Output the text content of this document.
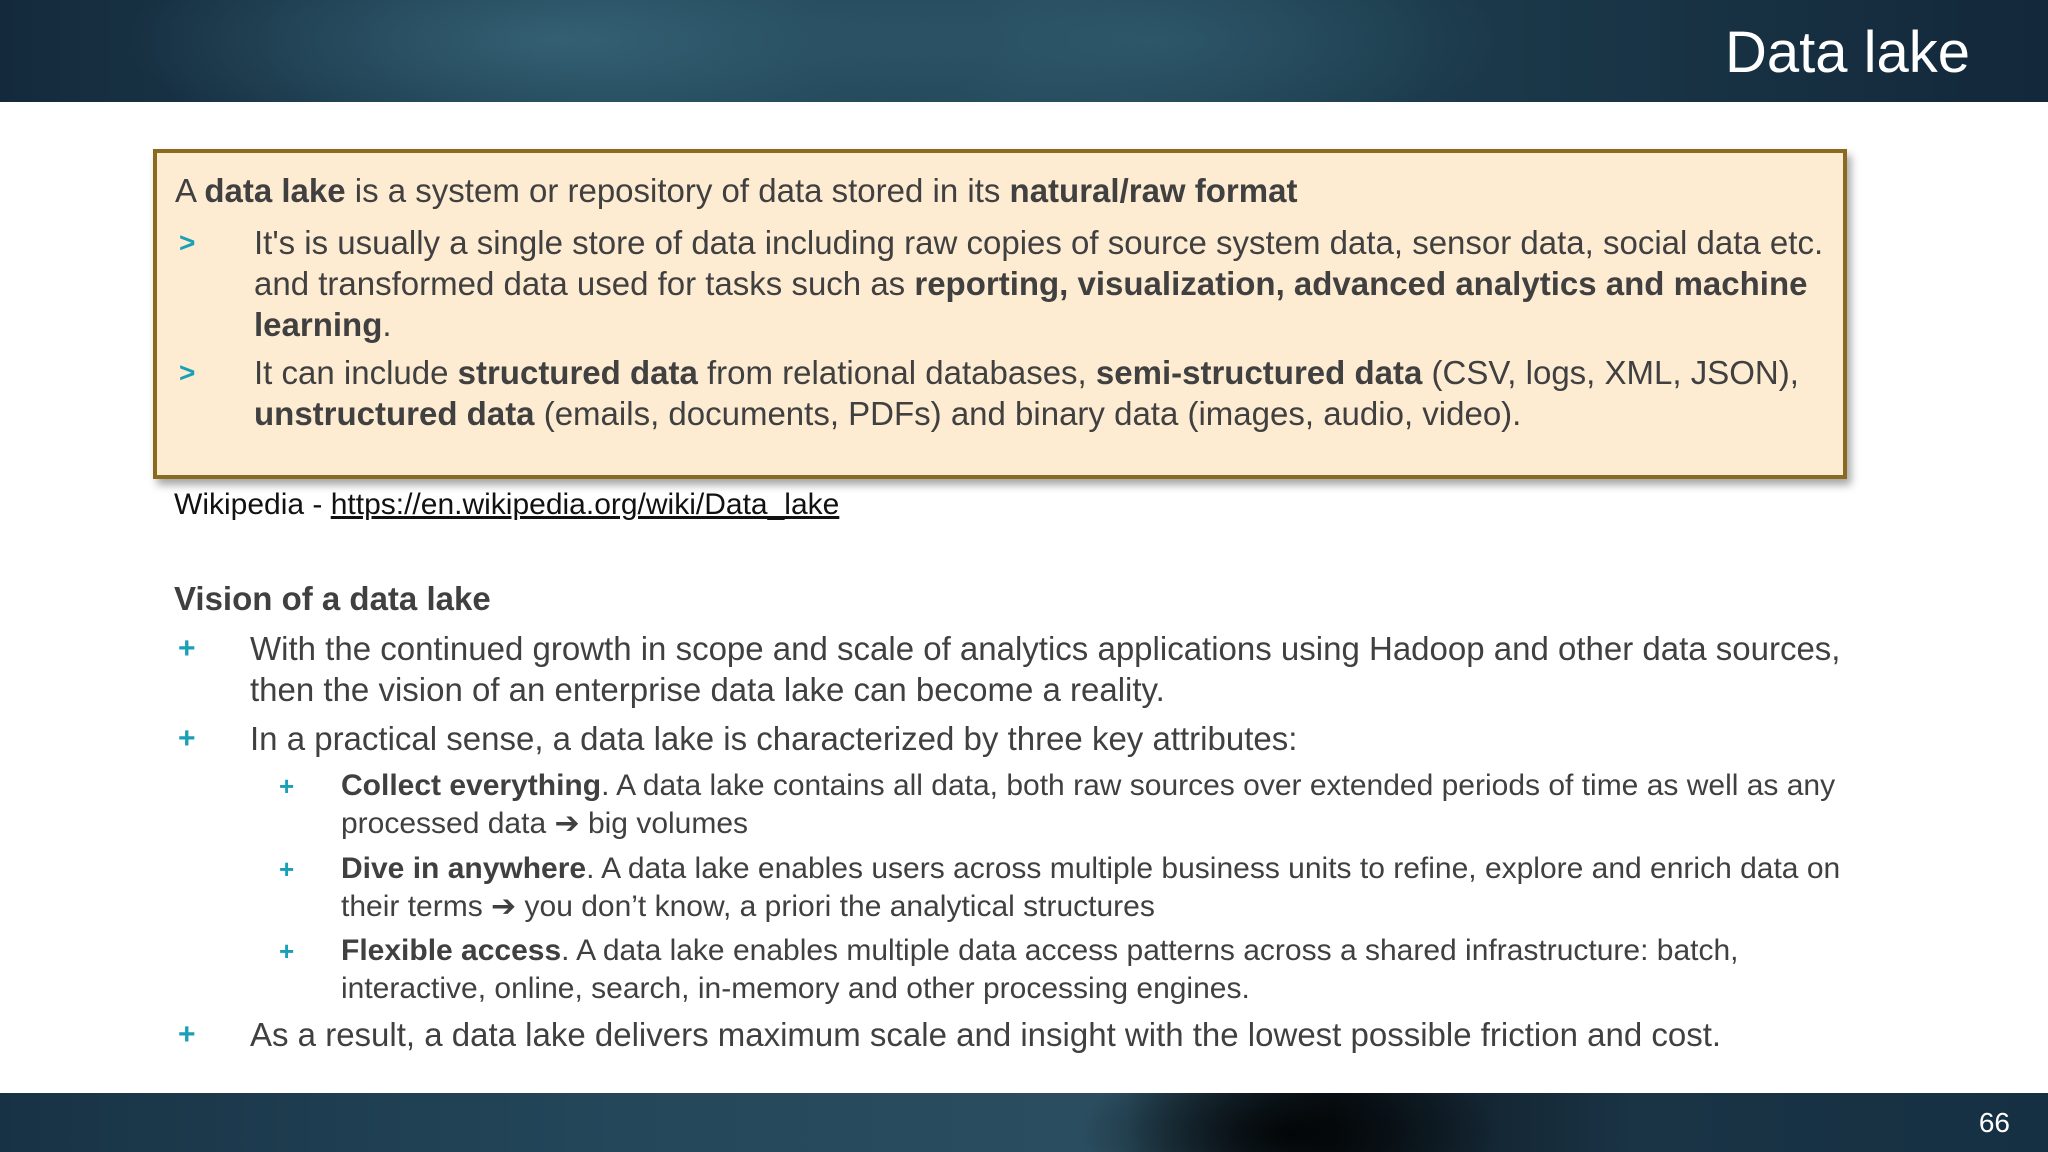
Data lake
A data lake is a system or repository of data stored in its natural/raw format
> It's is usually a single store of data including raw copies of source system data, sensor data, social data etc. and transformed data used for tasks such as reporting, visualization, advanced analytics and machine learning.
> It can include structured data from relational databases, semi-structured data (CSV, logs, XML, JSON), unstructured data (emails, documents, PDFs) and binary data (images, audio, video).
Wikipedia - https://en.wikipedia.org/wiki/Data_lake
Vision of a data lake
+ With the continued growth in scope and scale of analytics applications using Hadoop and other data sources, then the vision of an enterprise data lake can become a reality.
+ In a practical sense, a data lake is characterized by three key attributes:
+ Collect everything. A data lake contains all data, both raw sources over extended periods of time as well as any processed data ➔ big volumes
+ Dive in anywhere. A data lake enables users across multiple business units to refine, explore and enrich data on their terms ➔ you don’t know, a priori the analytical structures
+ Flexible access. A data lake enables multiple data access patterns across a shared infrastructure: batch, interactive, online, search, in-memory and other processing engines.
+ As a result, a data lake delivers maximum scale and insight with the lowest possible friction and cost.
66
